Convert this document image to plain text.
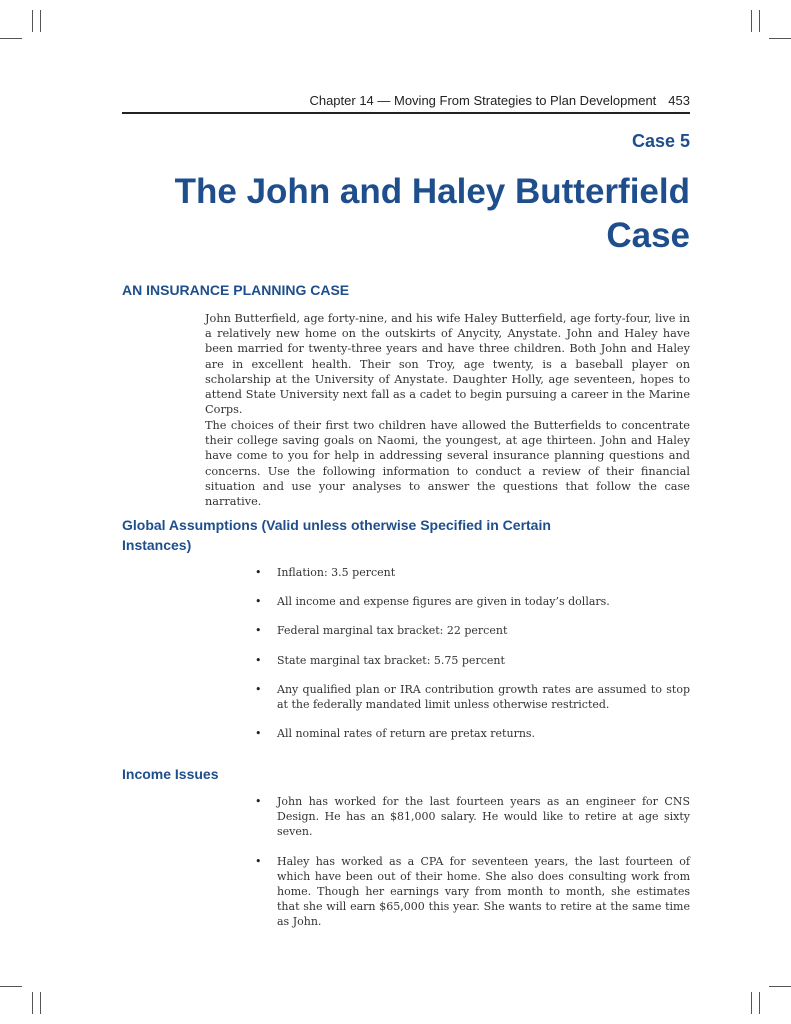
Chapter 14 — Moving From Strategies to Plan Development 453
Case 5
The John and Haley Butterfield
Case
AN INSURANCE PLANNING CASE

John Butterfield, age forty-nine, and his wife Haley Butterfield, age forty-four, live in a relatively new home on the outskirts of Anycity, Anystate. John and Haley have been married for twenty-three years and have three children. Both John and Haley are in excellent health. Their son Troy, age twenty, is a baseball player on scholarship at the University of Anystate. Daughter Holly, age seventeen, hopes to attend State University next fall as a cadet to begin pursuing a career in the Marine Corps.

The choices of their first two children have allowed the Butterfields to concentrate their college saving goals on Naomi, the youngest, at age thirteen. John and Haley have come to you for help in addressing several insurance planning questions and concerns. Use the following information to conduct a review of their financial situation and use your analyses to answer the questions that follow the case narrative.

Global Assumptions (Valid unless otherwise Specified in Certain
Instances)
• Inflation: 3.5 percent
• All income and expense figures are given in today’s dollars.
• Federal marginal tax bracket: 22 percent
• State marginal tax bracket: 5.75 percent
• Any qualified plan or IRA contribution growth rates are assumed to stop at the federally mandated limit unless otherwise restricted.
• All nominal rates of return are pretax returns.
Income Issues
• John has worked for the last fourteen years as an engineer for CNS Design. He has an $81,000 salary. He would like to retire at age sixty seven.
• Haley has worked as a CPA for seventeen years, the last fourteen of which have been out of their home. She also does consulting work from home. Though her earnings vary from month to month, she estimates that she will earn $65,000 this year. She wants to retire at the same time as John.
